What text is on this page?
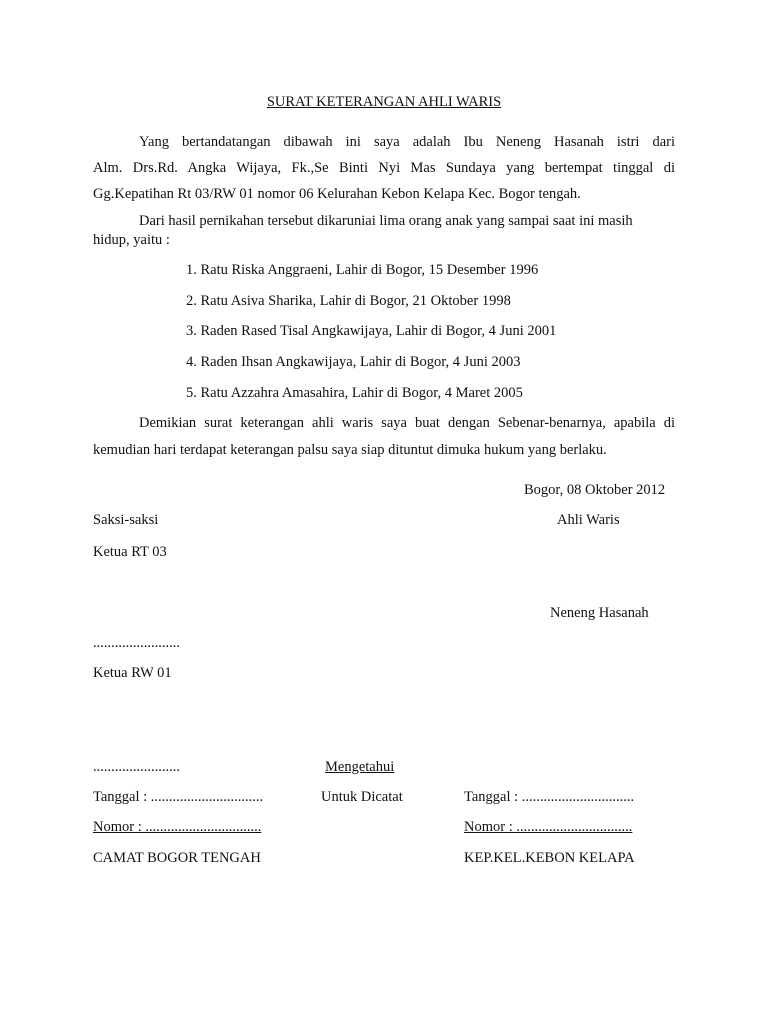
SURAT KETERANGAN AHLI WARIS
Yang bertandatangan dibawah ini saya adalah Ibu Neneng Hasanah istri dari
Alm. Drs.Rd. Angka Wijaya, Fk.,Se Binti Nyi Mas Sundaya yang bertempat tinggal di
Gg.Kepatihan Rt 03/RW 01 nomor 06 Kelurahan Kebon Kelapa Kec. Bogor tengah.
Dari hasil pernikahan tersebut dikaruniai lima orang anak yang sampai saat ini masih
hidup, yaitu :
1. Ratu Riska Anggraeni, Lahir di Bogor, 15 Desember 1996
2. Ratu Asiva Sharika, Lahir di Bogor, 21 Oktober 1998
3. Raden Rased Tisal Angkawijaya, Lahir di Bogor, 4 Juni 2001
4. Raden Ihsan Angkawijaya, Lahir di Bogor, 4 Juni 2003
5. Ratu Azzahra Amasahira, Lahir di Bogor, 4 Maret 2005
Demikian surat keterangan ahli waris saya buat dengan Sebenar-benarnya, apabila di
kemudian hari terdapat keterangan palsu saya siap dituntut dimuka hukum yang berlaku.
Bogor, 08 Oktober 2012
Saksi-saksi	Ahli Waris
Ketua RT 03
Neneng Hasanah
........................
Ketua RW 01
........................	Mengetahui
Untuk Dicatat
Tanggal : ...............................
Nomor : ................................
CAMAT BOGOR TENGAH
Tanggal : ...............................
Nomor : ................................
KEP.KEL.KEBON KELAPA
